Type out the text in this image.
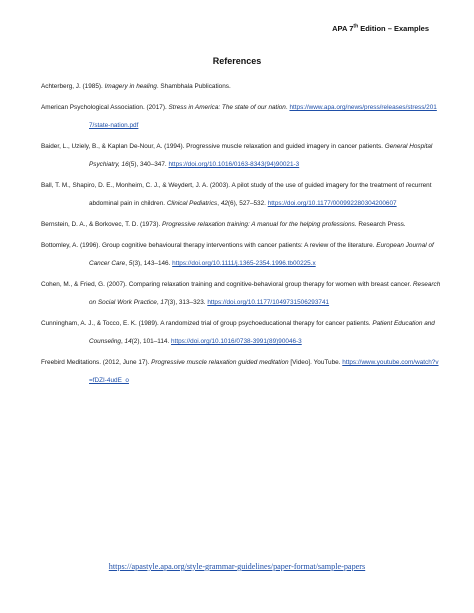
APA 7th Edition – Examples
References

Achterberg, J. (1985). Imagery in healing. Shambhala Publications.

American Psychological Association. (2017). Stress in America: The state of our nation. https://www.apa.org/news/press/releases/stress/2017/state-nation.pdf

Baider, L., Uziely, B., & Kaplan De-Nour, A. (1994). Progressive muscle relaxation and guided imagery in cancer patients. General Hospital Psychiatry, 16(5), 340–347. https://doi.org/10.1016/0163-8343(94)90021-3

Ball, T. M., Shapiro, D. E., Monheim, C. J., & Weydert, J. A. (2003). A pilot study of the use of guided imagery for the treatment of recurrent abdominal pain in children. Clinical Pediatrics, 42(6), 527–532. https://doi.org/10.1177/000992280304200607

Bernstein, D. A., & Borkovec, T. D. (1973). Progressive relaxation training: A manual for the helping professions. Research Press.

Bottomley, A. (1996). Group cognitive behavioural therapy interventions with cancer patients: A review of the literature. European Journal of Cancer Care, 5(3), 143–146. https://doi.org/10.1111/j.1365-2354.1996.tb00225.x

Cohen, M., & Fried, G. (2007). Comparing relaxation training and cognitive-behavioral group therapy for women with breast cancer. Research on Social Work Practice, 17(3), 313–323. https://doi.org/10.1177/1049731506293741

Cunningham, A. J., & Tocco, E. K. (1989). A randomized trial of group psychoeducational therapy for cancer patients. Patient Education and Counseling, 14(2), 101–114. https://doi.org/10.1016/0738-3991(89)90046-3

Freebird Meditations. (2012, June 17). Progressive muscle relaxation guided meditation [Video]. YouTube. https://www.youtube.com/watch?v=fDZI-4udE_o

https://apastyle.apa.org/style-grammar-guidelines/paper-format/sample-papers
